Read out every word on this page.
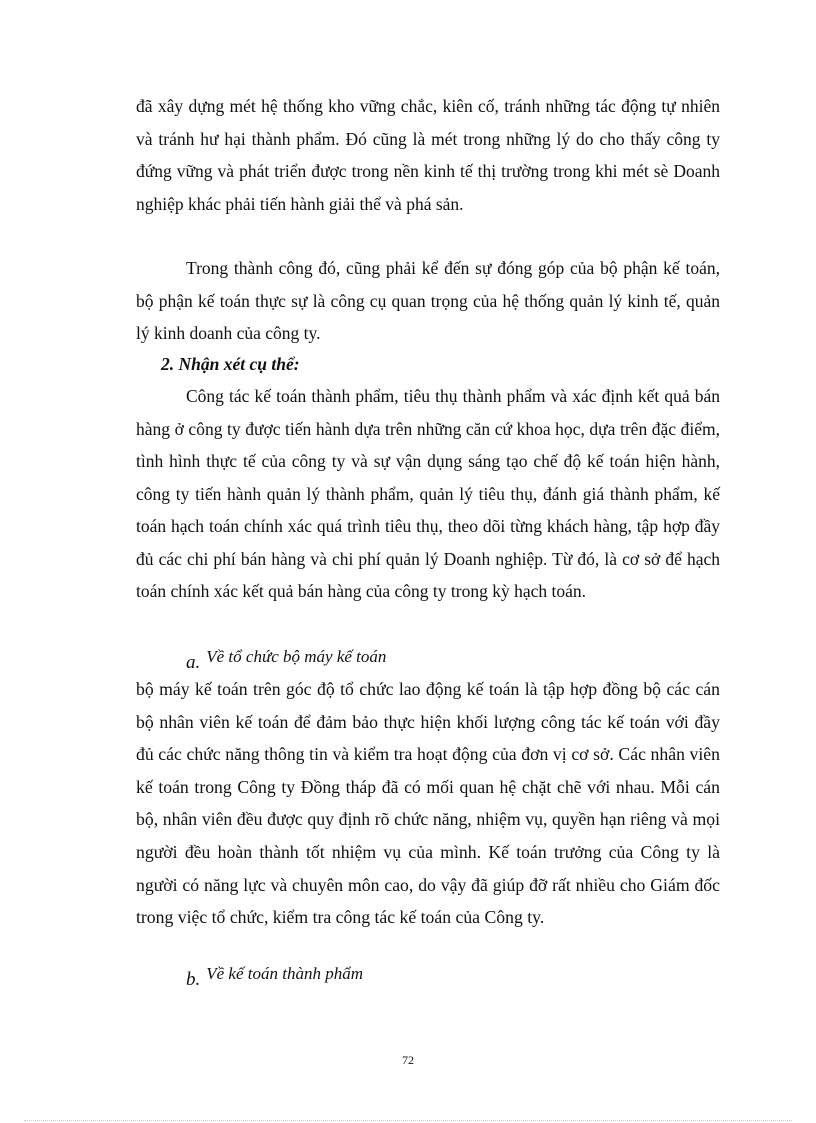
đã xây dựng mét hệ thống kho vững chắc, kiên cố, tránh những tác động tự nhiên và tránh hư hại thành phẩm. Đó cũng là mét trong những lý do cho thấy công ty đứng vững và phát triển được trong nền kinh tế thị trường trong khi mét sè Doanh nghiệp khác phải tiến hành giải thể và phá sản.
Trong thành công đó, cũng phải kể đến sự đóng góp của bộ phận kế toán, bộ phận kế toán thực sự là công cụ quan trọng của hệ thống quản lý kinh tế, quản lý kinh doanh của công ty.
2. Nhận xét cụ thể:
Công tác kế toán thành phẩm, tiêu thụ thành phẩm và xác định kết quả bán hàng ở công ty được tiến hành dựa trên những căn cứ khoa học, dựa trên đặc điểm, tình hình thực tế của công ty và sự vận dụng sáng tạo chế độ kế toán hiện hành, công ty tiến hành quản lý thành phẩm, quản lý tiêu thụ, đánh giá thành phẩm, kế toán hạch toán chính xác quá trình tiêu thụ, theo dõi từng khách hàng, tập hợp đầy đủ các chi phí bán hàng và chi phí quản lý Doanh nghiệp. Từ đó, là cơ sở để hạch toán chính xác kết quả bán hàng của công ty trong kỳ hạch toán.
a. Về tổ chức bộ máy kế toán
bộ máy kế toán trên góc độ tổ chức lao động kế toán là tập hợp đồng bộ các cán bộ nhân viên kế toán để đảm bảo thực hiện khối lượng công tác kế toán với đầy đủ các chức năng thông tin và kiểm tra hoạt động của đơn vị cơ sở. Các nhân viên kế toán trong Công ty Đồng tháp đã có mối quan hệ chặt chẽ với nhau. Mỗi cán bộ, nhân viên đều được quy định rõ chức năng, nhiệm vụ, quyền hạn riêng và mọi người đều hoàn thành tốt nhiệm vụ của mình. Kế toán trưởng của Công ty là người có năng lực và chuyên môn cao, do vậy đã giúp đỡ rất nhiều cho Giám đốc trong việc tổ chức, kiểm tra công tác kế toán của Công ty.
b. Về kế toán thành phẩm
72
